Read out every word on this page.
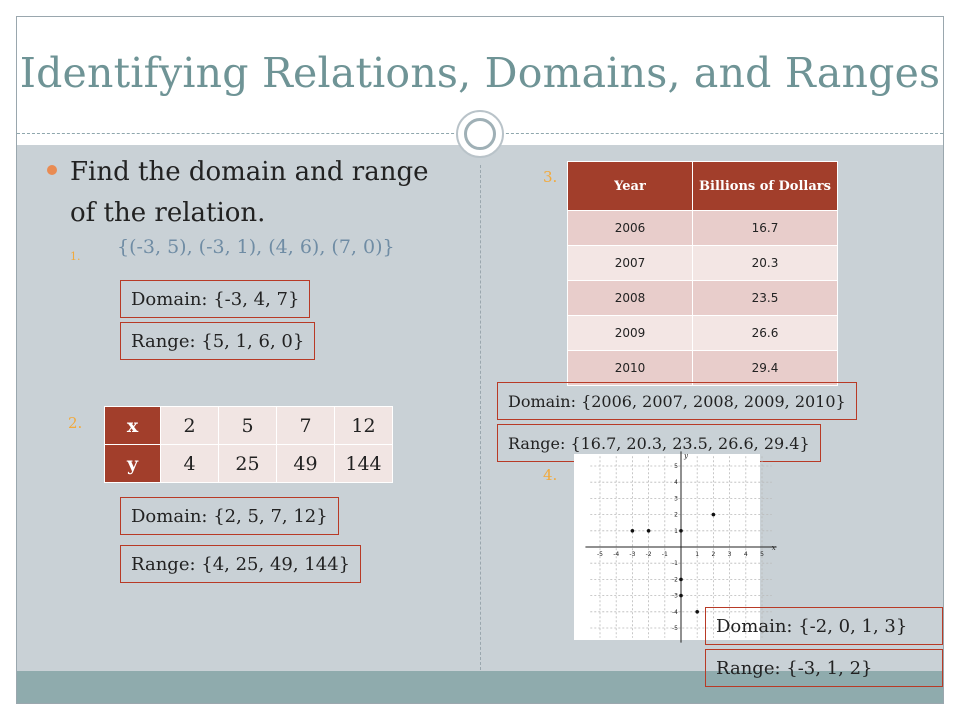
Identifying Relations, Domains, and Ranges
Find the domain and range of the relation.
1. {(-3, 5), (-3, 1), (4, 6), (7, 0)}
Domain: {-3, 4, 7}
Range: {5, 1, 6, 0}
2. x	2	5	7	12
y	4	25	49	144
Domain: {2, 5, 7, 12}
Range: {4, 25, 49, 144}
3.	Year	Billions of Dollars
2006	16.7
2007	20.3
2008	23.5
2009	26.6
2010	29.4
Domain: {2006, 2007, 2008, 2009, 2010}
Range: {16.7, 20.3, 23.5, 26.6, 29.4}
4.
-5 -4 -3 -2 -1	1 2 3 4 5
5
4
3
2
1
-1
-2
-3
-4
-5
x
y
Domain: {-2, 0, 1, 3}
Range: {-3, 1, 2}
